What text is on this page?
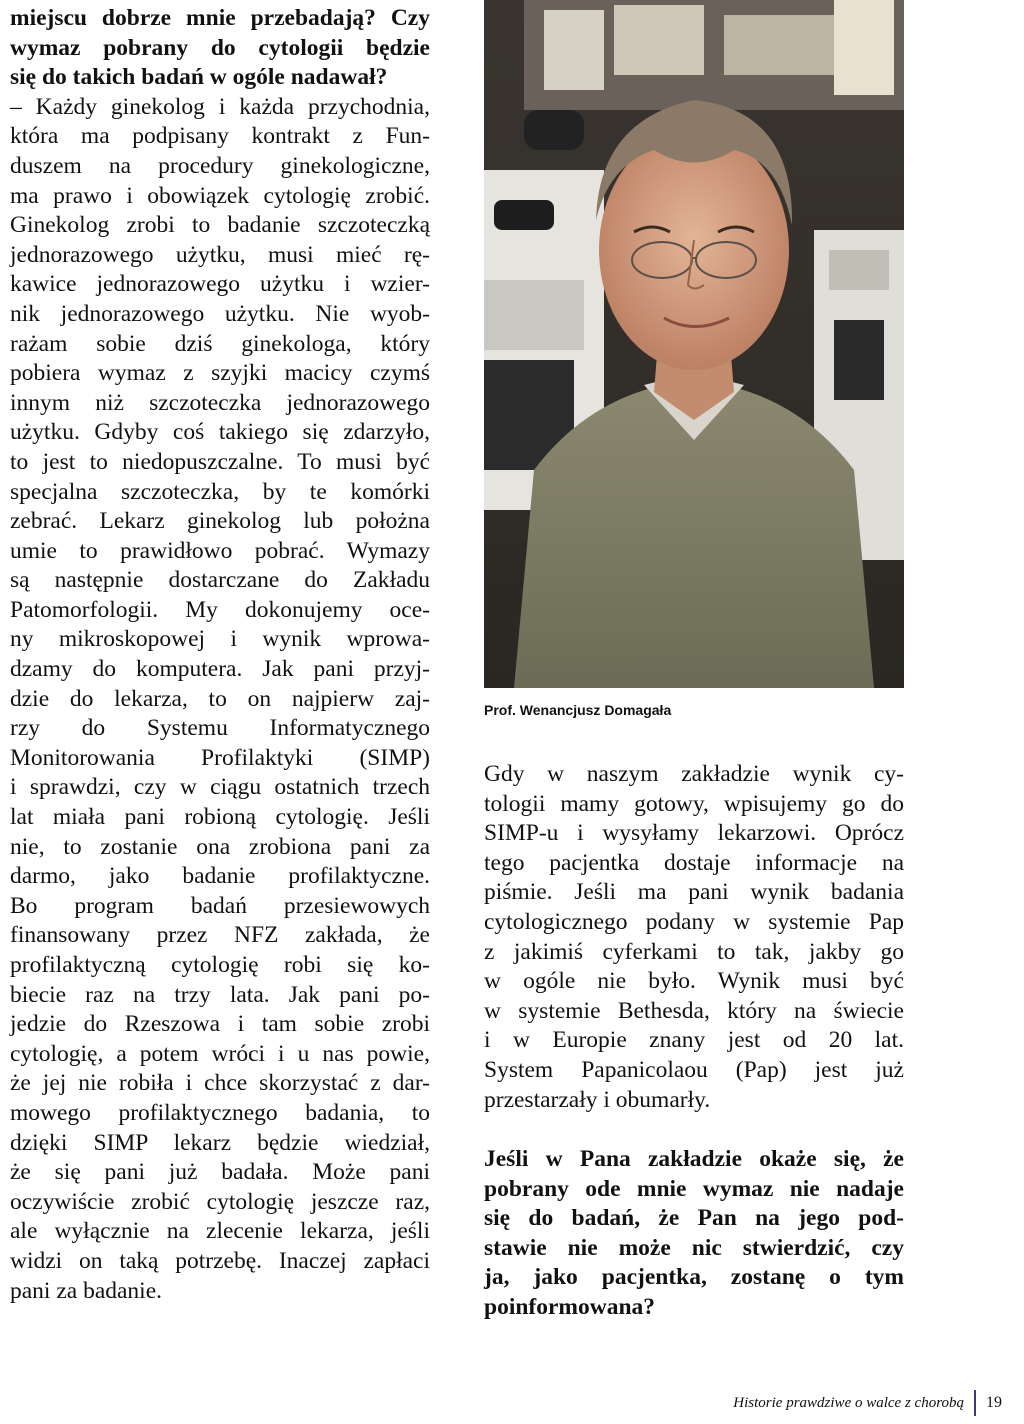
miejscu dobrze mnie przebadają? Czy
wymaz pobrany do cytologii będzie
się do takich badań w ogóle nadawał?

– Każdy ginekolog i każda przychodnia,
która ma podpisany kontrakt z Fun-
duszem na procedury ginekologiczne,
ma prawo i obowiązek cytologię zrobić.
Ginekolog zrobi to badanie szczoteczką
jednorazowego użytku, musi mieć rę-
kawice jednorazowego użytku i wzier-
nik jednorazowego użytku. Nie wyob-
rażam sobie dziś ginekologa, który
pobiera wymaz z szyjki macicy czymś
innym niż szczoteczka jednorazowego
użytku. Gdyby coś takiego się zdarzyło,
to jest to niedopuszczalne. To musi być
specjalna szczoteczka, by te komórki
zebrać. Lekarz ginekolog lub położna
umie to prawidłowo pobrać. Wymazy
są następnie dostarczane do Zakładu
Patomorfologii. My dokonujemy oce-
ny mikroskopowej i wynik wprowa-
dzamy do komputera. Jak pani przyj-
dzie do lekarza, to on najpierw zaj-
rzy do Systemu Informatycznego
Monitorowania Profilaktyki (SIMP)
i sprawdzi, czy w ciągu ostatnich trzech
lat miała pani robioną cytologię. Jeśli
nie, to zostanie ona zrobiona pani za
darmo, jako badanie profilaktyczne.
Bo program badań przesiewowych
finansowany przez NFZ zakłada, że
profilaktyczną cytologię robi się ko-
biecie raz na trzy lata. Jak pani po-
jedzie do Rzeszowa i tam sobie zrobi
cytologię, a potem wróci i u nas powie,
że jej nie robiła i chce skorzystać z dar-
mowego profilaktycznego badania, to
dzięki SIMP lekarz będzie wiedział,
że się pani już badała. Może pani
oczywiście zrobić cytologię jeszcze raz,
ale wyłącznie na zlecenie lekarza, jeśli
widzi on taką potrzebę. Inaczej zapłaci
pani za badanie.

Prof. Wenancjusz Domagała

Gdy w naszym zakładzie wynik cy-
tologii mamy gotowy, wpisujemy go do
SIMP-u i wysyłamy lekarzowi. Oprócz
tego pacjentka dostaje informacje na
piśmie. Jeśli ma pani wynik badania
cytologicznego podany w systemie Pap
z jakimiś cyferkami to tak, jakby go
w ogóle nie było. Wynik musi być
w systemie Bethesda, który na świecie
i w Europie znany jest od 20 lat.
System Papanicolaou (Pap) jest już
przestarzały i obumarły.

Jeśli w Pana zakładzie okaże się, że
pobrany ode mnie wymaz nie nadaje
się do badań, że Pan na jego pod-
stawie nie może nic stwierdzić, czy
ja, jako pacjentka, zostanę o tym
poinformowana?

Historie prawdziwe o walce z chorobą 19
